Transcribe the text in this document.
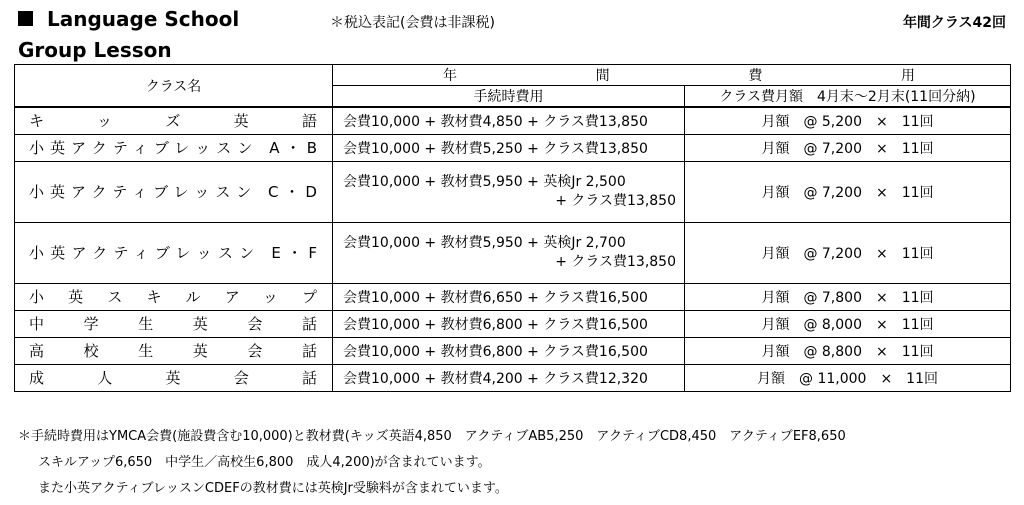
Language School
Group Lesson
＊税込表記(会費は非課税)	年間クラス42回
クラス名	年 間 費 用	

	手続時費用	クラス費月額　4月末～2月末(11回分納)
キッズ英語	会費10,000 + 教材費4,850 + クラス費13,850	月額 @ 5,200 × 11回
小英アクティブレッスン A・B	会費10,000 + 教材費5,250 + クラス費13,850	月額 @ 7,200 × 11回
小英アクティブレッスン C・D	会費10,000 + 教材費5,950 + 英検Jr 2,500
+ クラス費13,850	月額 @ 7,200 × 11回
小英アクティブレッスン E・F	会費10,000 + 教材費5,950 + 英検Jr 2,700
+ クラス費13,850	月額 @ 7,200 × 11回
小英スキルアップ	会費10,000 + 教材費6,650 + クラス費16,500	月額 @ 7,800 × 11回
中学生英会話	会費10,000 + 教材費6,800 + クラス費16,500	月額 @ 8,000 × 11回
高校生英会話	会費10,000 + 教材費6,800 + クラス費16,500	月額 @ 8,800 × 11回
成人英会話	会費10,000 + 教材費4,200 + クラス費12,320	月額 @ 11,000 × 11回
＊手続時費用はYMCA会費(施設費含む10,000)と教材費(キッズ英語4,850　アクティブAB5,250　アクティブCD8,450　アクティブEF8,650
スキルアップ6,650　中学生／高校生6,800　成人4,200)が含まれています。
また小英アクティブレッスンCDEFの教材費には英検Jr受験料が含まれています。
